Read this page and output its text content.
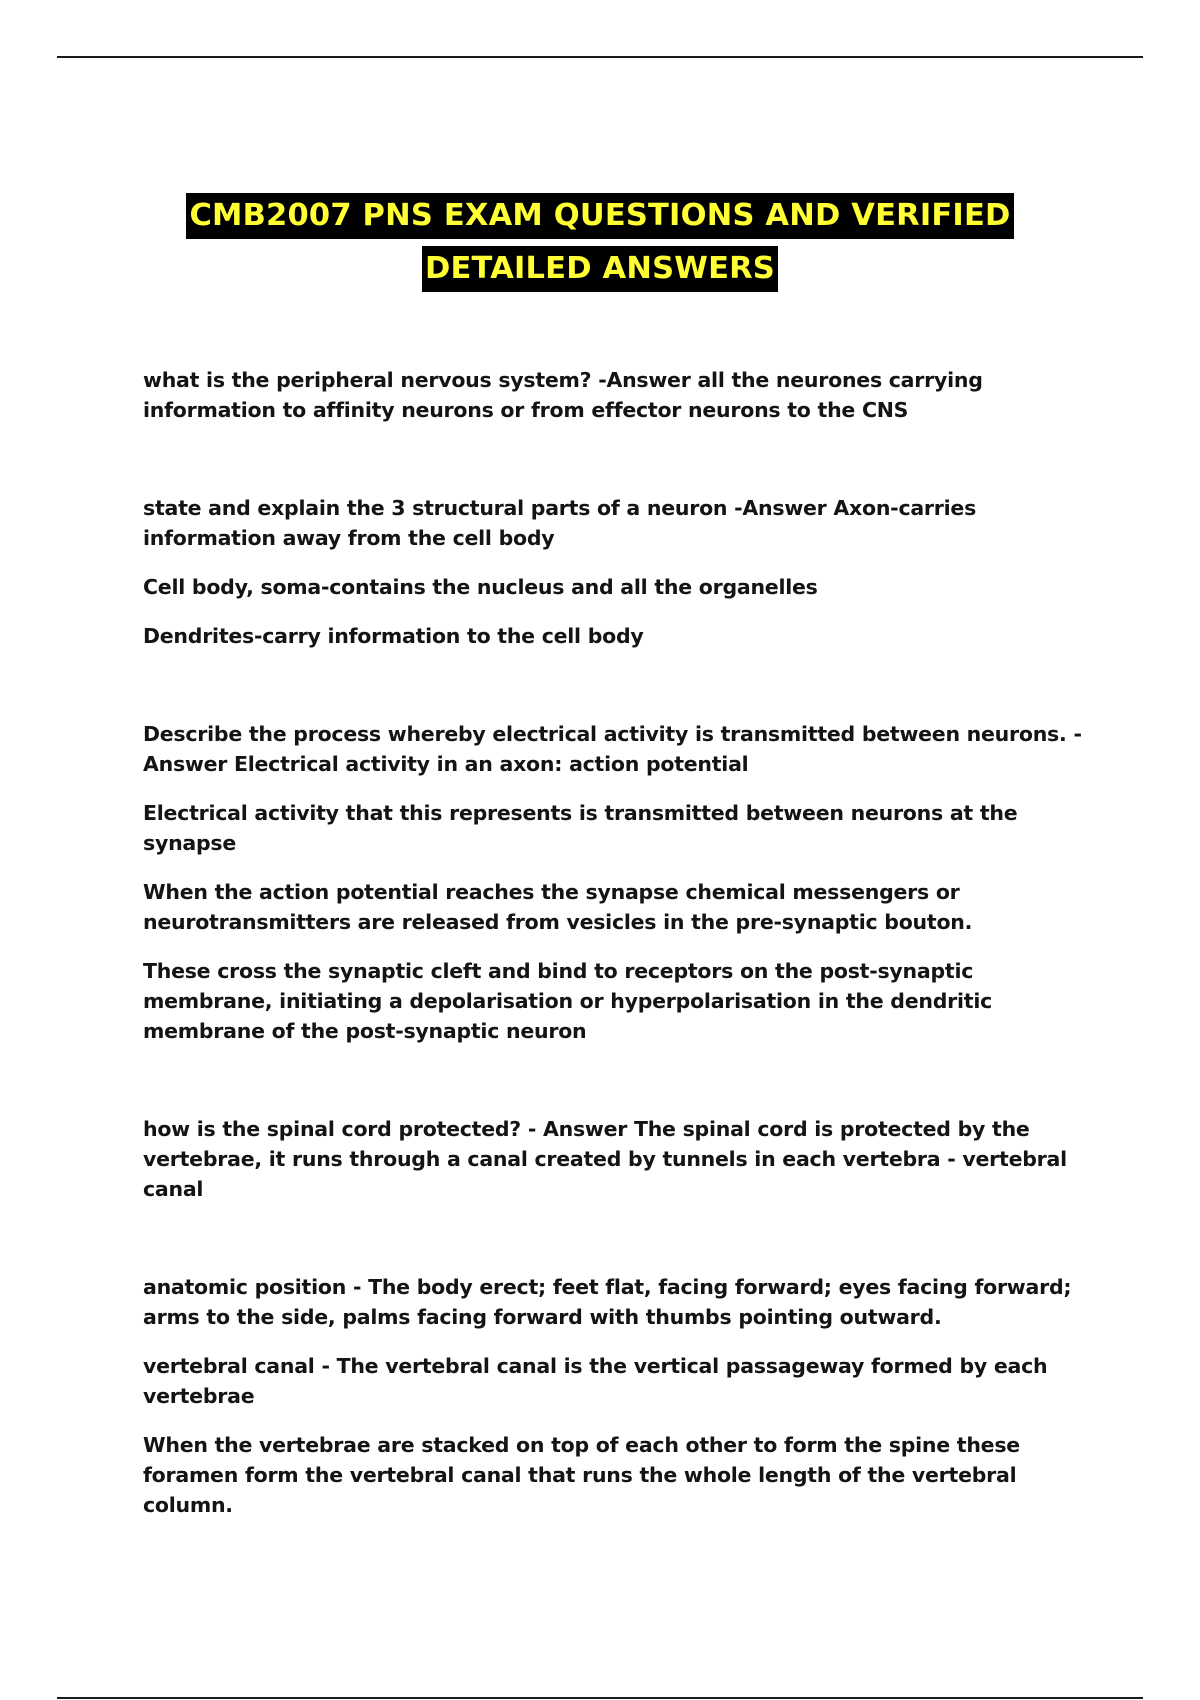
CMB2007 PNS EXAM QUESTIONS AND VERIFIED
DETAILED ANSWERS

what is the peripheral nervous system? -Answer all the neurones carrying information to affinity neurons or from effector neurons to the CNS

state and explain the 3 structural parts of a neuron -Answer Axon-carries information away from the cell body

Cell body, soma-contains the nucleus and all the organelles

Dendrites-carry information to the cell body

Describe the process whereby electrical activity is transmitted between neurons. -Answer Electrical activity in an axon: action potential

Electrical activity that this represents is transmitted between neurons at the synapse

When the action potential reaches the synapse chemical messengers or neurotransmitters are released from vesicles in the pre-synaptic bouton.

These cross the synaptic cleft and bind to receptors on the post-synaptic membrane, initiating a depolarisation or hyperpolarisation in the dendritic membrane of the post-synaptic neuron

how is the spinal cord protected? - Answer The spinal cord is protected by the vertebrae, it runs through a canal created by tunnels in each vertebra - vertebral canal

anatomic position - The body erect; feet flat, facing forward; eyes facing forward; arms to the side, palms facing forward with thumbs pointing outward.

vertebral canal - The vertebral canal is the vertical passageway formed by each vertebrae

When the vertebrae are stacked on top of each other to form the spine these foramen form the vertebral canal that runs the whole length of the vertebral column.
